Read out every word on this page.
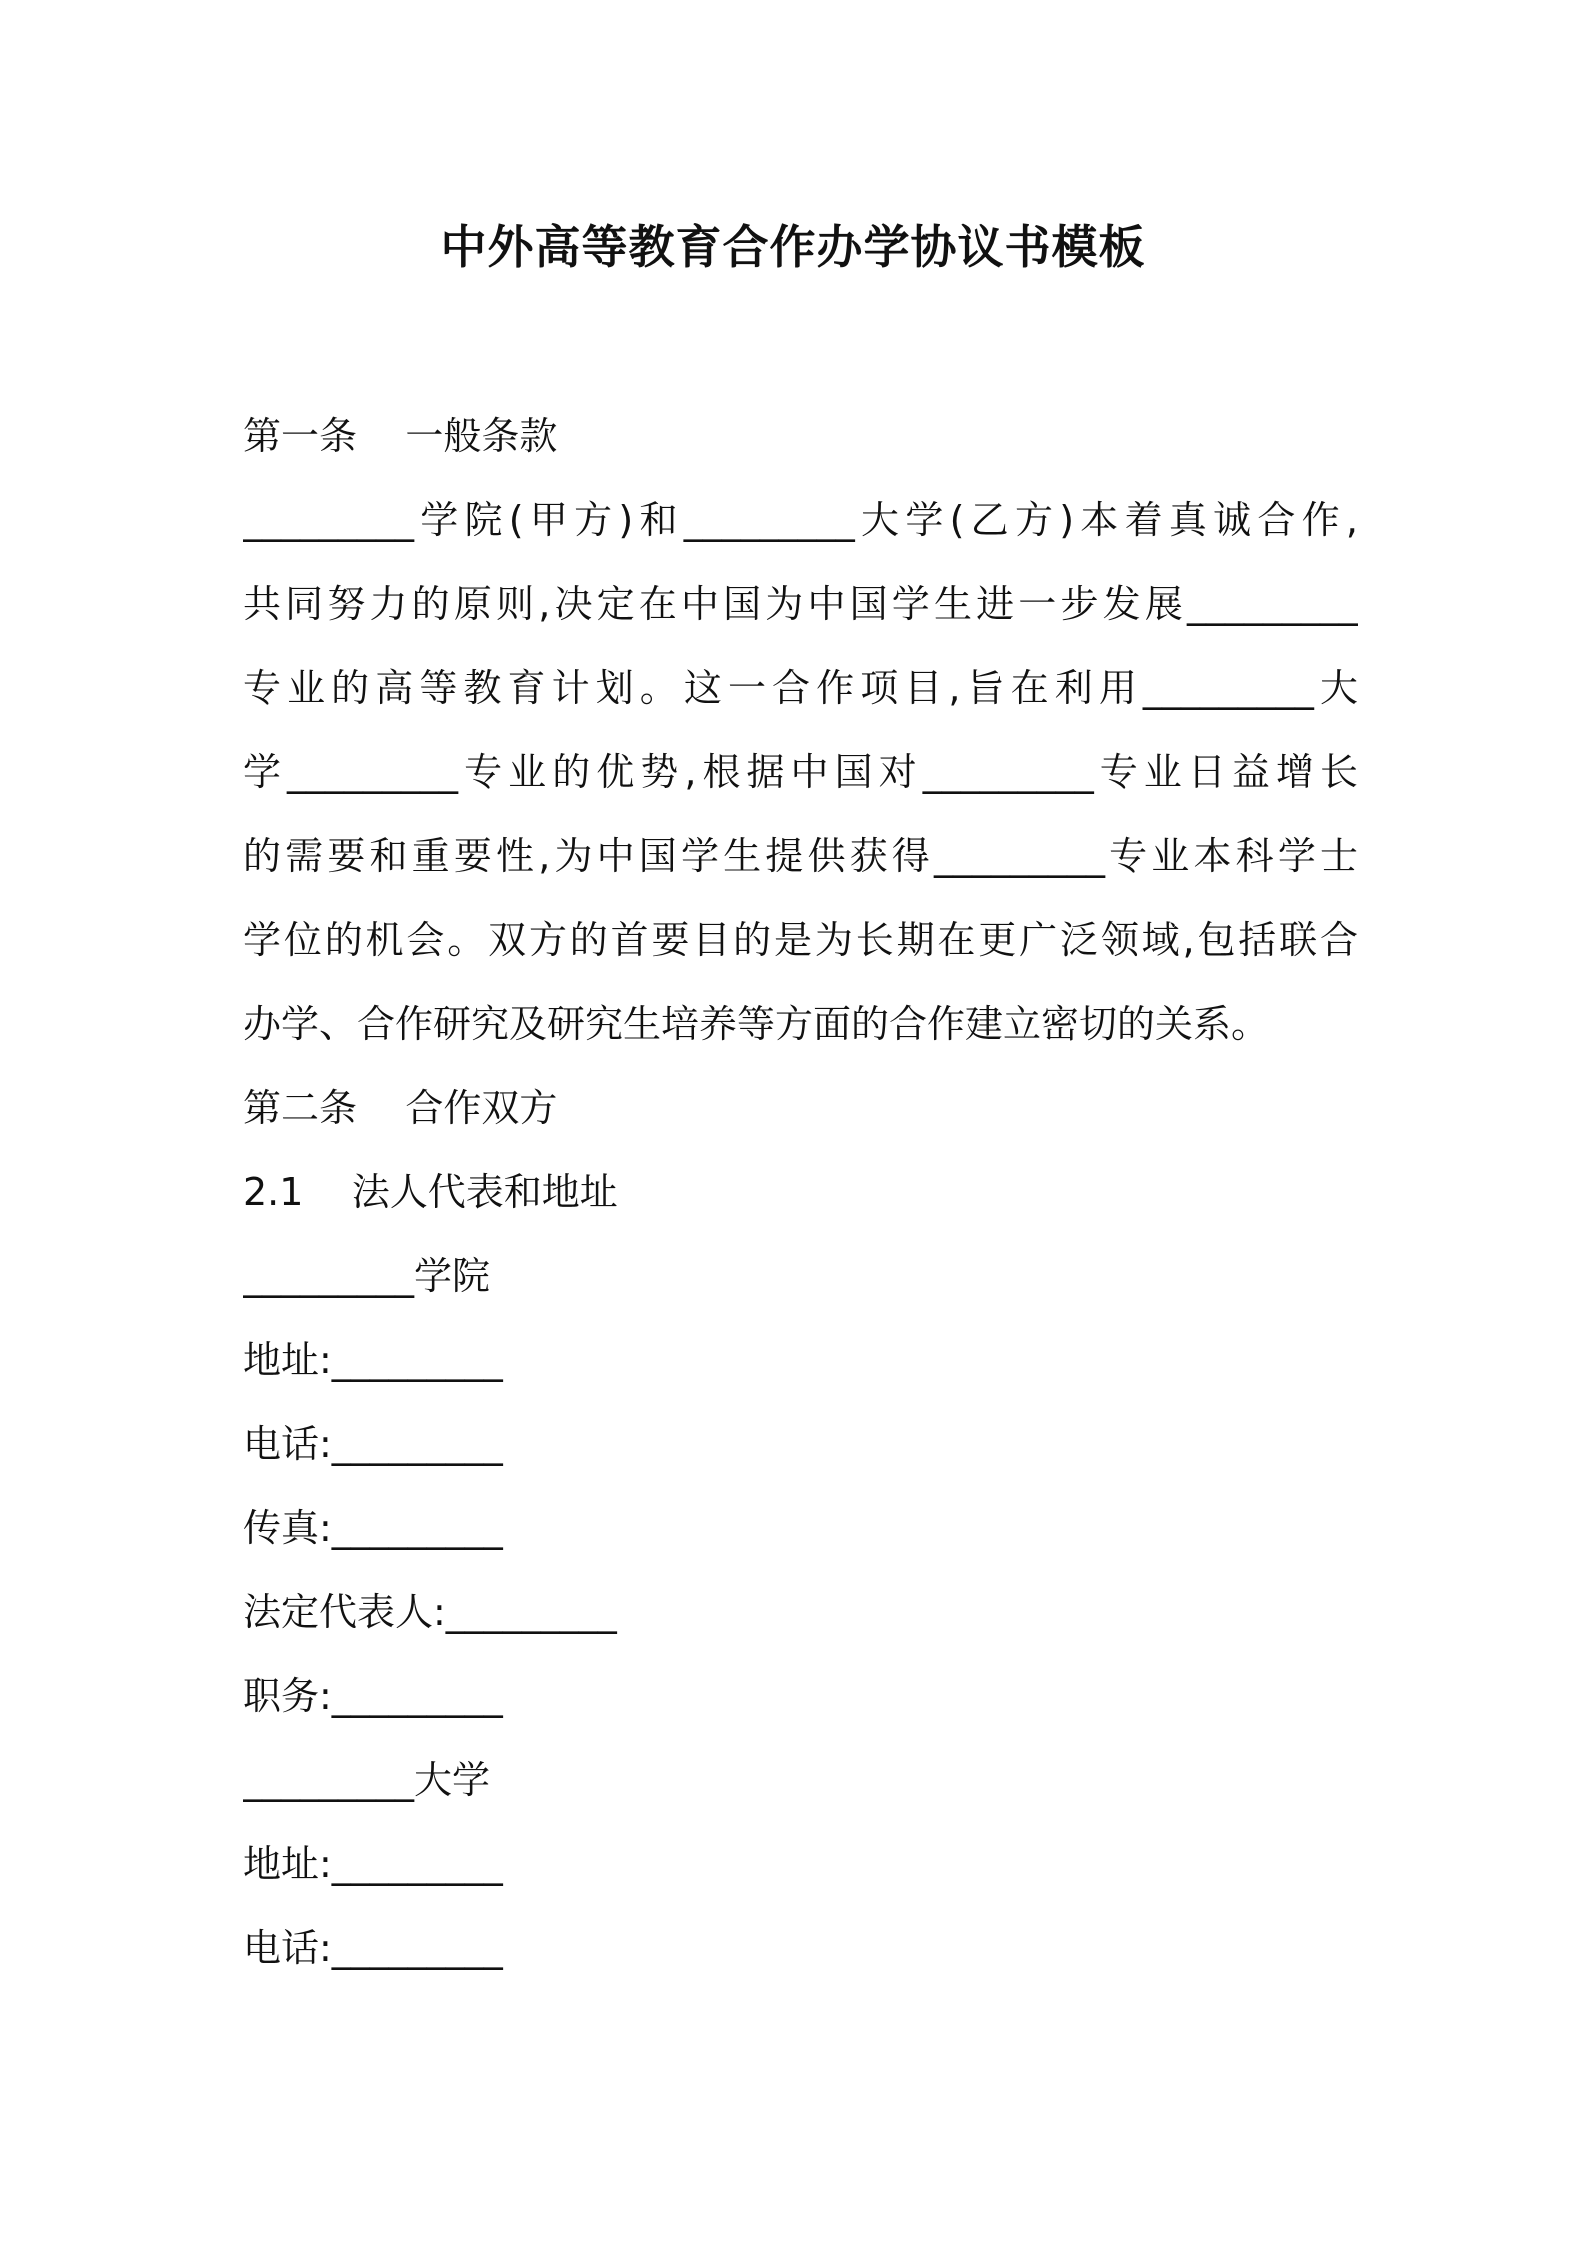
中外高等教育合作办学协议书模板
第一条    一般条款
_________学院(甲方)和_________大学(乙方)本着真诚合作,
共同努力的原则,决定在中国为中国学生进一步发展_________
专业的高等教育计划。这一合作项目,旨在利用_________大
学_________专业的优势,根据中国对_________专业日益增长
的需要和重要性,为中国学生提供获得_________专业本科学士
学位的机会。双方的首要目的是为长期在更广泛领域,包括联合
办学、合作研究及研究生培养等方面的合作建立密切的关系。
第二条    合作双方
2.1    法人代表和地址
_________学院
地址:_________
电话:_________
传真:_________
法定代表人:_________
职务:_________
_________大学
地址:_________
电话:_________
